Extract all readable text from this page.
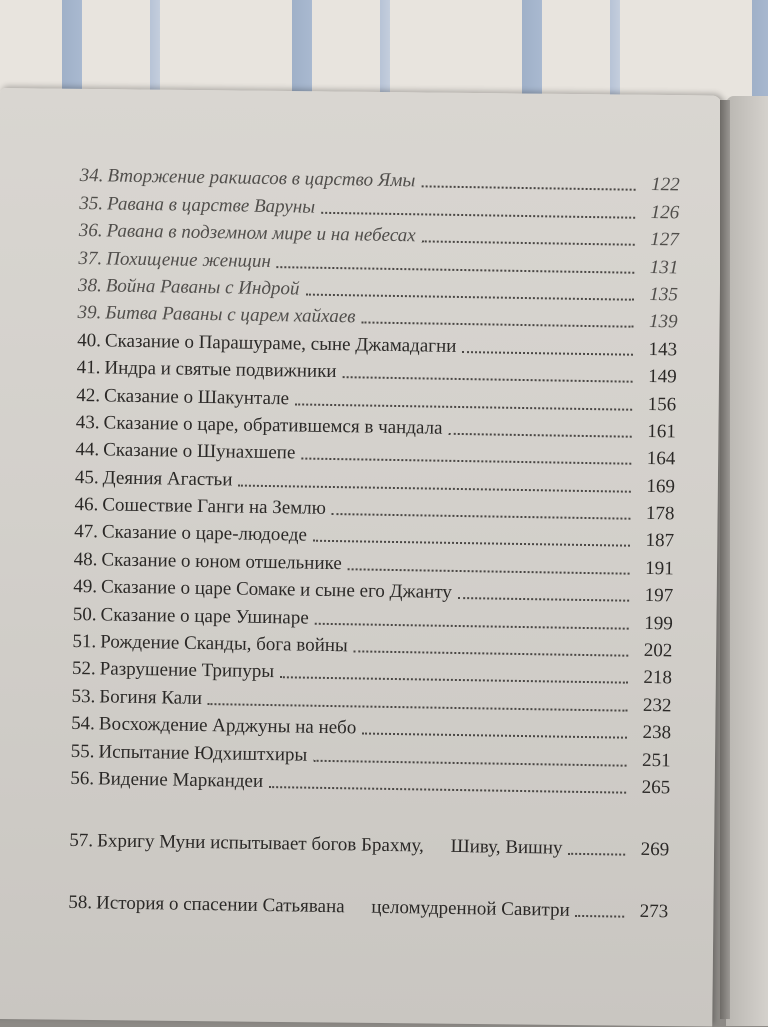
34. Вторжение ракшасов в царство Ямы	122
35. Равана в царстве Варуны	126
36. Равана в подземном мире и на небесах	127
37. Похищение женщин	131
38. Война Раваны с Индрой	135
39. Битва Раваны с царем хайхаев	139
40. Сказание о Парашураме, сыне Джамадагни	143
41. Индра и святые подвижники	149
42. Сказание о Шакунтале	156
43. Сказание о царе, обратившемся в чандала	161
44. Сказание о Шунахшепе	164
45. Деяния Агастьи	169
46. Сошествие Ганги на Землю	178
47. Сказание о царе-людоеде	187
48. Сказание о юном отшельнике	191
49. Сказание о царе Сомаке и сыне его Джанту	197
50. Сказание о царе Ушинаре	199
51. Рождение Сканды, бога войны	202
52. Разрушение Трипуры	218
53. Богиня Кали	232
54. Восхождение Арджуны на небо	238
55. Испытание Юдхиштхиры	251
56. Видение Маркандеи	265
57. Бхригу Муни испытывает богов Брахму, Шиву, Вишну	269
58. История о спасении Сатьявана целомудренной Савитри	273
